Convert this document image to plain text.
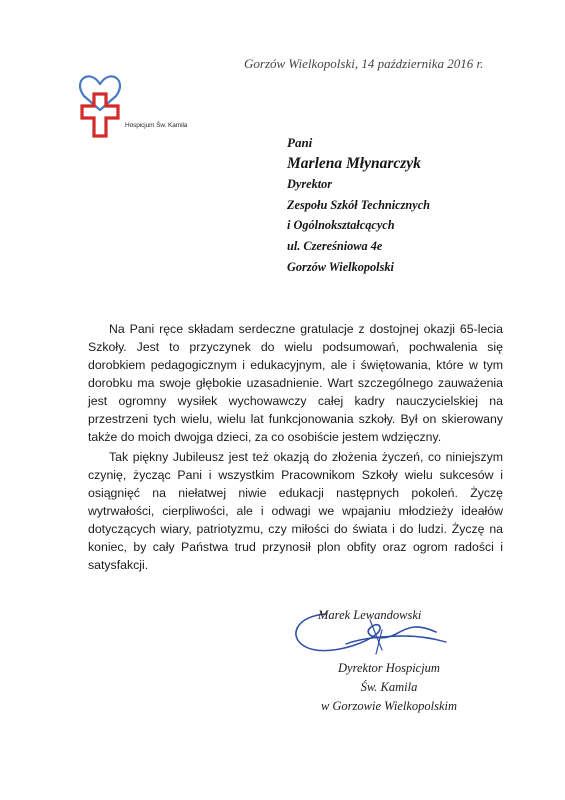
Hospicjum Św. Kamila
Gorzów Wielkopolski, 14 października 2016 r.
Pani
Marlena Młynarczyk
Dyrektor
Zespołu Szkół Technicznych
i Ogólnokształcących
ul. Czereśniowa 4e
Gorzów Wielkopolski

Na Pani ręce składam serdeczne gratulacje z dostojnej okazji 65-lecia Szkoły. Jest to przyczynek do wielu podsumowań, pochwalenia się dorobkiem pedagogicznym i edukacyjnym, ale i świętowania, które w tym dorobku ma swoje głębokie uzasadnienie. Wart szczególnego zauważenia jest ogromny wysiłek wychowawczy całej kadry nauczycielskiej na przestrzeni tych wielu, wielu lat funkcjonowania szkoły. Był on skierowany także do moich dwojga dzieci, za co osobiście jestem wdzięczny.

Tak piękny Jubileusz jest też okazją do złożenia życzeń, co niniejszym czynię, życząc Pani i wszystkim Pracownikom Szkoły wielu sukcesów i osiągnięć na niełatwej niwie edukacji następnych pokoleń. Życzę wytrwałości, cierpliwości, ale i odwagi we wpajaniu młodzieży ideałów dotyczących wiary, patriotyzmu, czy miłości do świata i do ludzi. Życzę na koniec, by cały Państwa trud przynosił plon obfity oraz ogrom radości i satysfakcji.

Marek Lewandowski
Dyrektor Hospicjum
Św. Kamila
w Gorzowie Wielkopolskim
